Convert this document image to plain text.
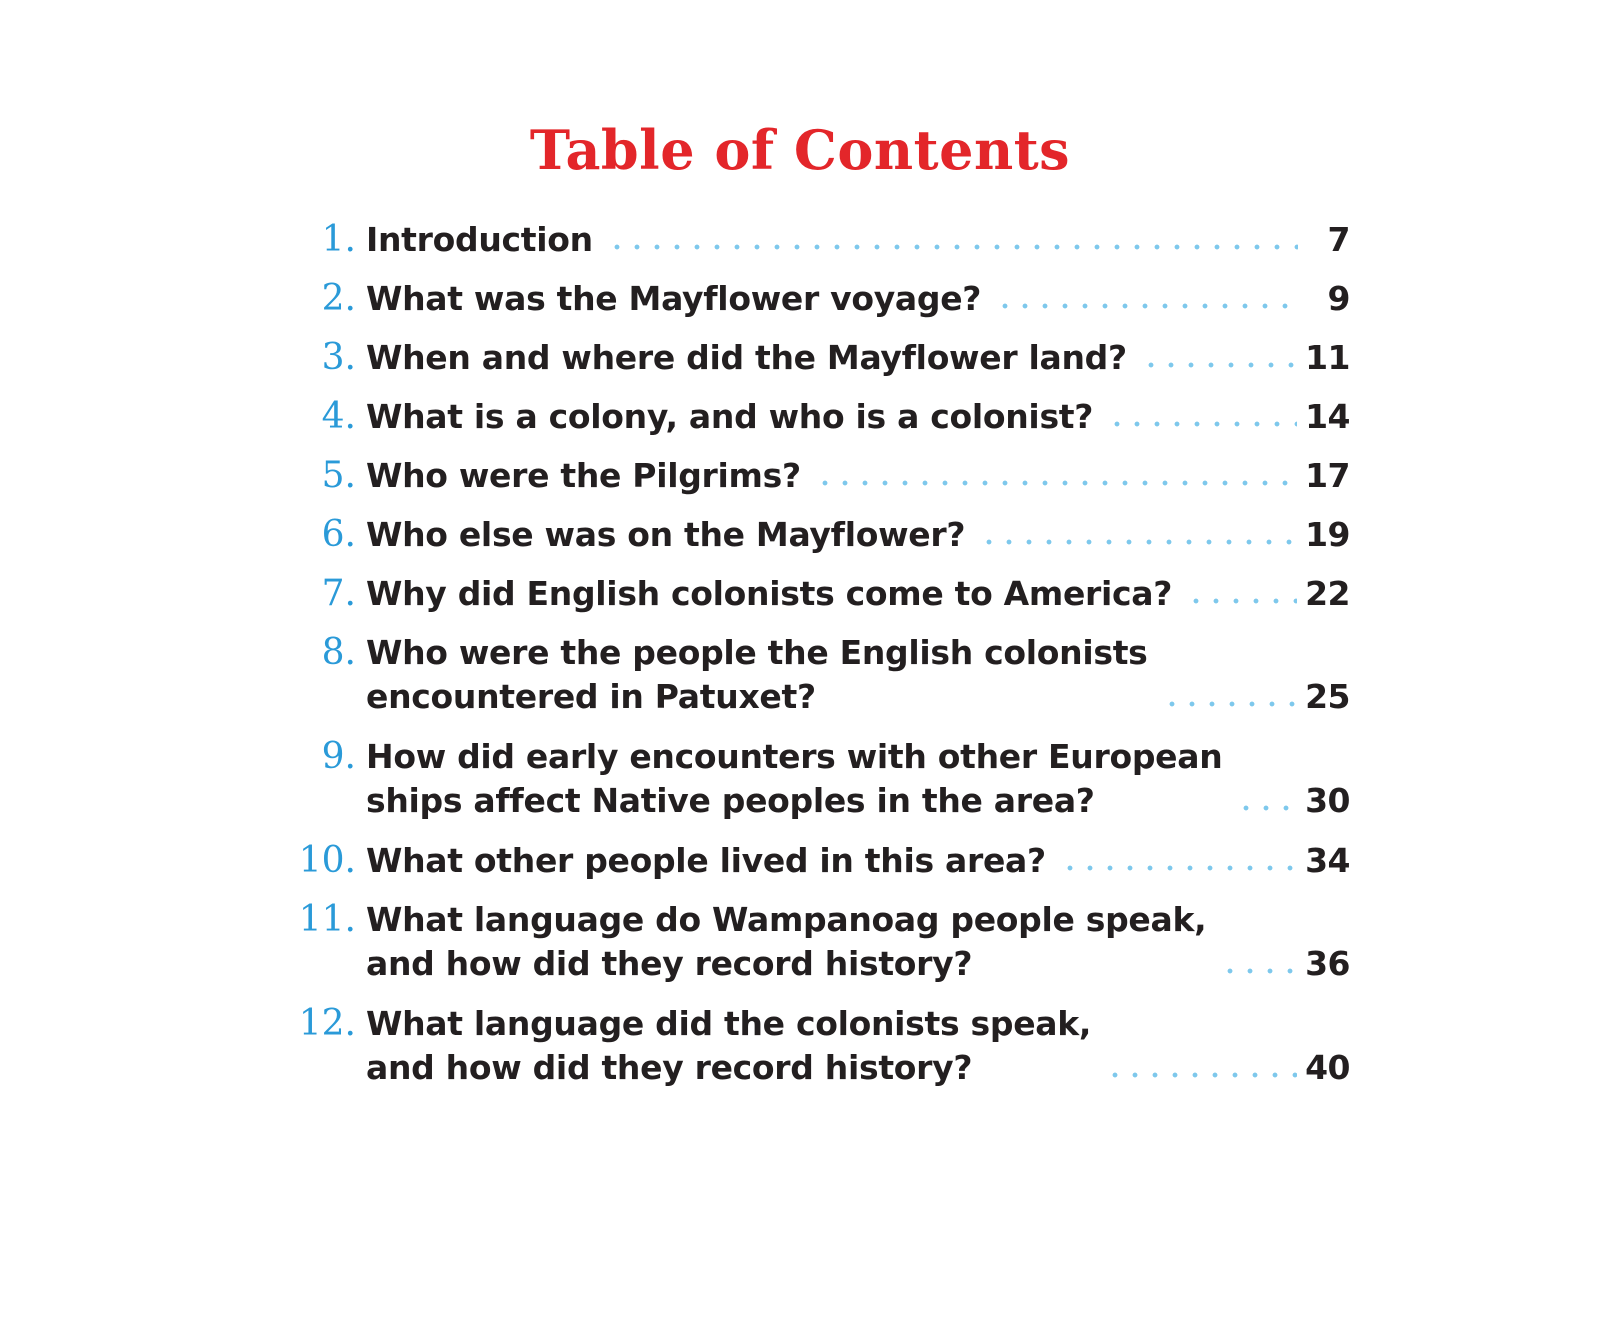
Table of Contents
1. Introduction	7
2. What was the Mayflower voyage?	9
3. When and where did the Mayflower land?	11
4. What is a colony, and who is a colonist?	14
5. Who were the Pilgrims?	17
6. Who else was on the Mayflower?	19
7. Why did English colonists come to America?	22
8. Who were the people the English colonists
encountered in Patuxet?	25
9. How did early encounters with other European
ships affect Native peoples in the area?	30
10. What other people lived in this area?	34
11. What language do Wampanoag people speak,
and how did they record history?	36
12. What language did the colonists speak,
and how did they record history?	40
